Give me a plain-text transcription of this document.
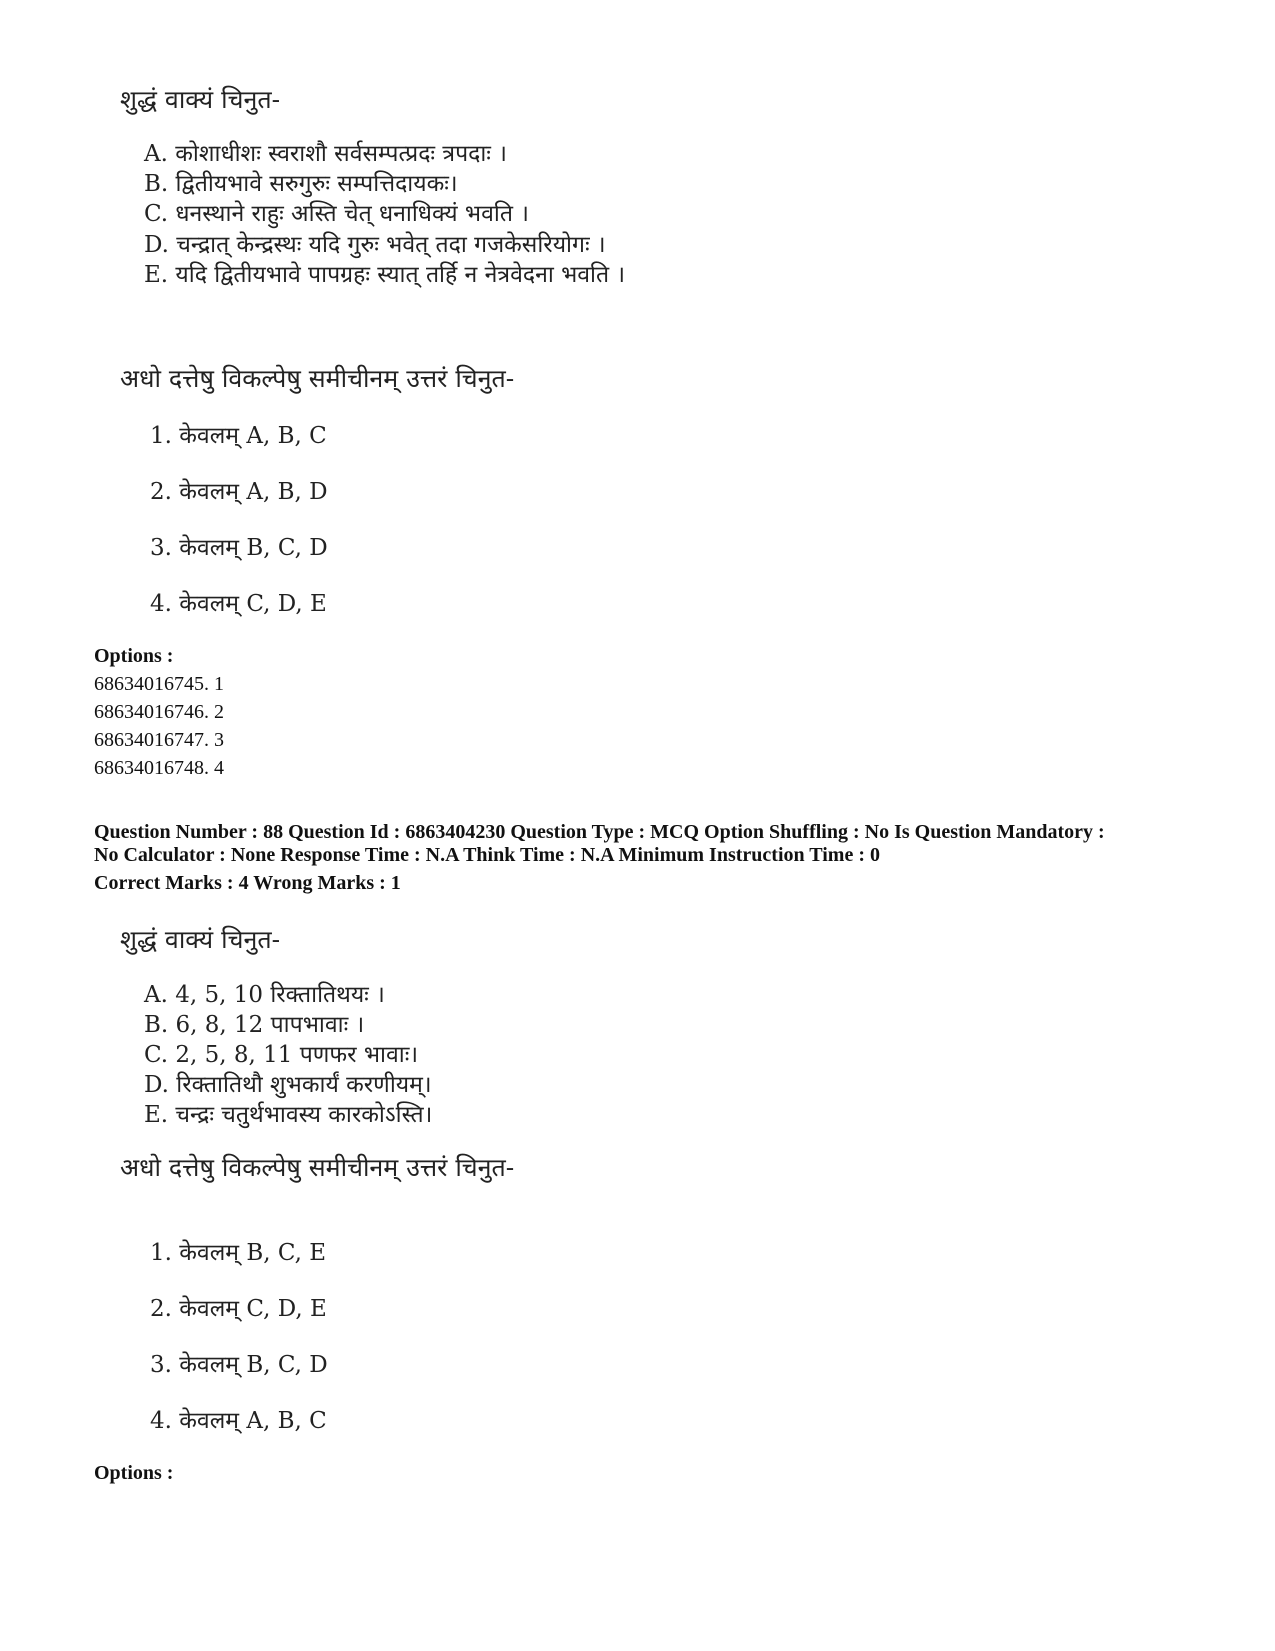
शुद्धं वाक्यं चिनुत-
A. कोशाधीशः स्वराशौ सर्वसम्पत्प्रदः त्रपदाः ।
B. द्वितीयभावे सरुगुरुः सम्पत्तिदायकः।
C. धनस्थाने राहुः अस्ति चेत् धनाधिक्यं भवति ।
D. चन्द्रात् केन्द्रस्थः यदि गुरुः भवेत् तदा गजकेसरियोगः ।
E. यदि द्वितीयभावे पापग्रहः स्यात् तर्हि न नेत्रवेदना भवति ।
अधो दत्तेषु विकल्पेषु समीचीनम् उत्तरं चिनुत-
1. केवलम् A, B, C
2. केवलम् A, B, D
3. केवलम् B, C, D
4. केवलम् C, D, E
Options :
68634016745. 1
68634016746. 2
68634016747. 3
68634016748. 4
Question Number : 88 Question Id : 6863404230 Question Type : MCQ Option Shuffling : No Is Question Mandatory :
No Calculator : None Response Time : N.A Think Time : N.A Minimum Instruction Time : 0
Correct Marks : 4 Wrong Marks : 1
शुद्धं वाक्यं चिनुत-
A. 4, 5, 10 रिक्तातिथयः ।
B. 6, 8, 12 पापभावाः ।
C. 2, 5, 8, 11 पणफर भावाः।
D. रिक्तातिथौ शुभकार्यं करणीयम्।
E. चन्द्रः चतुर्थभावस्य कारकोऽस्ति।
अधो दत्तेषु विकल्पेषु समीचीनम् उत्तरं चिनुत-
1. केवलम् B, C, E
2. केवलम् C, D, E
3. केवलम् B, C, D
4. केवलम् A, B, C
Options :
